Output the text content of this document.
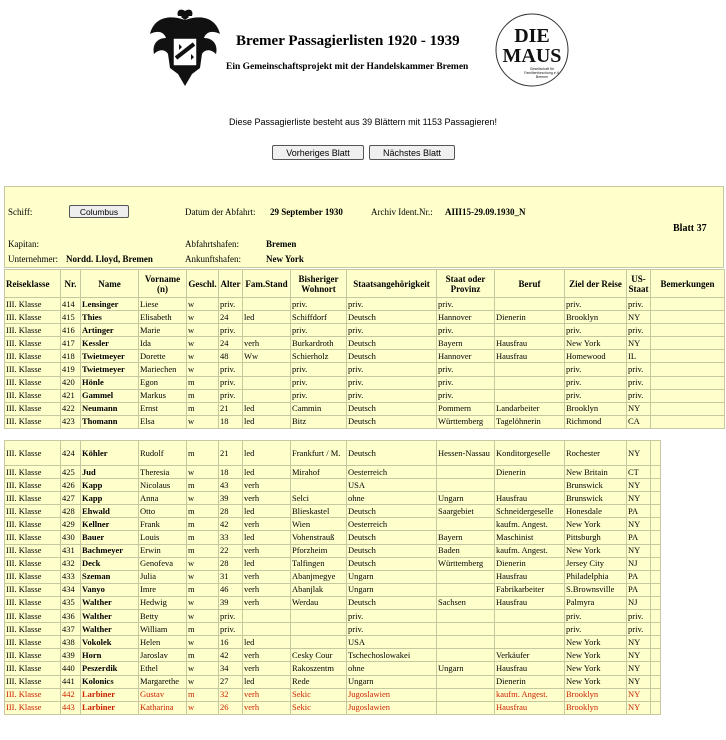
Bremer Passagierlisten 1920 - 1939
Ein Gemeinschaftsprojekt mit der Handelskammer Bremen
DIE
MAUS
Gesellschaft für
Familienforschung e.V.
Bremen
Diese Passagierliste besteht aus 39 Blättern mit 1153 Passagieren!
Vorheriges Blatt	Nächstes Blatt
Schiff:	Columbus	Datum der Abfahrt: 29 September 1930	Archiv Ident.Nr.: AIII15-29.09.1930_N
Blatt 37
Kapitan:	Abfahrtshafen:	Bremen
Unternehmer: Nordd. Lloyd, Bremen	Ankunftshafen:	New York
Reiseklasse	Nr.	Name	Vorname (n)	Geschl.	Alter	Fam.Stand	Bisheriger Wohnort	Staatsangehörigkeit	Staat oder Provinz	Beruf	Ziel der Reise	US-Staat	Bemerkungen
III. Klasse	414	Lensinger	Liese	w	priv.		priv.	priv.	priv.		priv.	priv.	
III. Klasse	415	Thies	Elisabeth	w	24	led	Schiffdorf	Deutsch	Hannover	Dienerin	Brooklyn	NY	
III. Klasse	416	Artinger	Marie	w	priv.		priv.	priv.	priv.		priv.	priv.	
III. Klasse	417	Kessler	Ida	w	24	verh	Burkardroth	Deutsch	Bayern	Hausfrau	New York	NY	
III. Klasse	418	Twietmeyer	Dorette	w	48	Ww	Schierholz	Deutsch	Hannover	Hausfrau	Homewood	IL	
III. Klasse	419	Twietmeyer	Mariechen	w	priv.		priv.	priv.	priv.		priv.	priv.	
III. Klasse	420	Hönle	Egon	m	priv.		priv.	priv.	priv.		priv.	priv.	
III. Klasse	421	Gammel	Markus	m	priv.		priv.	priv.	priv.		priv.	priv.	
III. Klasse	422	Neumann	Ernst	m	21	led	Cammin	Deutsch	Pommern	Landarbeiter	Brooklyn	NY	
III. Klasse	423	Thomann	Elsa	w	18	led	Bitz	Deutsch	Württemberg	Tagelöhnerin	Richmond	CA	
III. Klasse	424	Köhler	Rudolf	m	21	led	Frankfurt / M.	Deutsch	Hessen-Nassau	Konditorgeselle	Rochester	NY	
III. Klasse	425	Jud	Theresia	w	18	led	Mirahof	Oesterreich		Dienerin	New Britain	CT	
III. Klasse	426	Kapp	Nicolaus	m	43	verh		USA			Brunswick	NY	
III. Klasse	427	Kapp	Anna	w	39	verh	Selci	ohne	Ungarn	Hausfrau	Brunswick	NY	
III. Klasse	428	Ehwald	Otto	m	28	led	Blieskastel	Deutsch	Saargebiet	Schneidergeselle	Honesdale	PA	
III. Klasse	429	Kellner	Frank	m	42	verh	Wien	Oesterreich		kaufm. Angest.	New York	NY	
III. Klasse	430	Bauer	Louis	m	33	led	Vohenstrauß	Deutsch	Bayern	Maschinist	Pittsburgh	PA	
III. Klasse	431	Bachmeyer	Erwin	m	22	verh	Pforzheim	Deutsch	Baden	kaufm. Angest.	New York	NY	
III. Klasse	432	Deck	Genofeva	w	28	led	Talfingen	Deutsch	Württemberg	Dienerin	Jersey City	NJ	
III. Klasse	433	Szeman	Julia	w	31	verh	Abanjmegye	Ungarn		Hausfrau	Philadelphia	PA	
III. Klasse	434	Vanyo	Imre	m	46	verh	Abanjlak	Ungarn		Fabrikarbeiter	S.Brownsville	PA	
III. Klasse	435	Walther	Hedwig	w	39	verh	Werdau	Deutsch	Sachsen	Hausfrau	Palmyra	NJ	
III. Klasse	436	Walther	Betty	w	priv.			priv.			priv.	priv.	
III. Klasse	437	Walther	William	m	priv.			priv.			priv.	priv.	
III. Klasse	438	Vokolek	Helen	w	16	led		USA			New York	NY	
III. Klasse	439	Horn	Jaroslav	m	42	verh	Cesky Cour	Tschechoslowakei		Verkäufer	New York	NY	
III. Klasse	440	Peszerdik	Ethel	w	34	verh	Rakoszentm	ohne	Ungarn	Hausfrau	New York	NY	
III. Klasse	441	Kolonics	Margarethe	w	27	led	Rede	Ungarn		Dienerin	New York	NY	
III. Klasse	442	Larbiner	Gustav	m	32	verh	Sekic	Jugoslawien		kaufm. Angest.	Brooklyn	NY	
III. Klasse	443	Larbiner	Katharina	w	26	verh	Sekic	Jugoslawien		Hausfrau	Brooklyn	NY	
